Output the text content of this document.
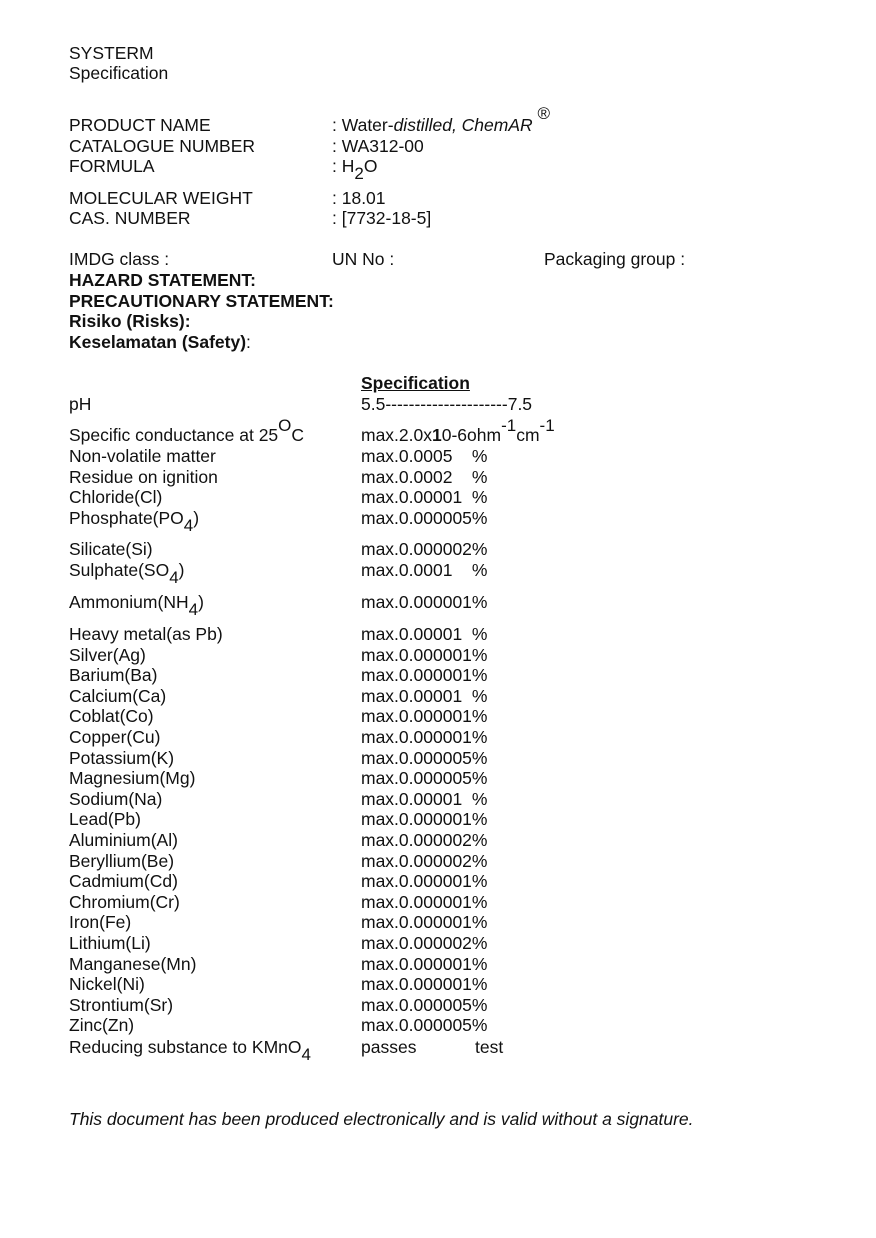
SYSTERM
Specification
PRODUCT NAME	: Water-distilled, ChemAR ®
CATALOGUE NUMBER	: WA312-00
FORMULA	: $H_2O$
MOLECULAR WEIGHT	: 18.01
CAS. NUMBER	: [7732-18-5]
IMDG class :	UN No :	Packaging group :
HAZARD STATEMENT:
PRECAUTIONARY STATEMENT:
Risiko (Risks):
Keselamatan (Safety):
Specification
pH	5.5---------------------7.5
Specific conductance at $25^OC$	$\max.2.0x10-6ohm^{-1}cm^{-1}$
Non-volatile matter	max.0.0005    %
Residue on ignition	max.0.0002    %
Chloride(Cl)	max.0.00001  %
$Phosphate(PO_4)$	max.0.000005%
Silicate(Si)	max.0.000002%
$Sulphate(SO_4)$	max.0.0001    %
$Ammonium(NH_4)$	max.0.000001%
Heavy metal(as Pb)	max.0.00001  %
Silver(Ag)	max.0.000001%
Barium(Ba)	max.0.000001%
Calcium(Ca)	max.0.00001  %
Coblat(Co)	max.0.000001%
Copper(Cu)	max.0.000001%
Potassium(K)	max.0.000005%
Magnesium(Mg)	max.0.000005%
Sodium(Na)	max.0.00001  %
Lead(Pb)	max.0.000001%
Aluminium(Al)	max.0.000002%
Beryllium(Be)	max.0.000002%
Cadmium(Cd)	max.0.000001%
Chromium(Cr)	max.0.000001%
Iron(Fe)	max.0.000001%
Lithium(Li)	max.0.000002%
Manganese(Mn)	max.0.000001%
Nickel(Ni)	max.0.000001%
Strontium(Sr)	max.0.000005%
Zinc(Zn)	max.0.000005%
Reducing substance to KMnO$_4$	passes	test
This document has been produced electronically and is valid without a signature.
